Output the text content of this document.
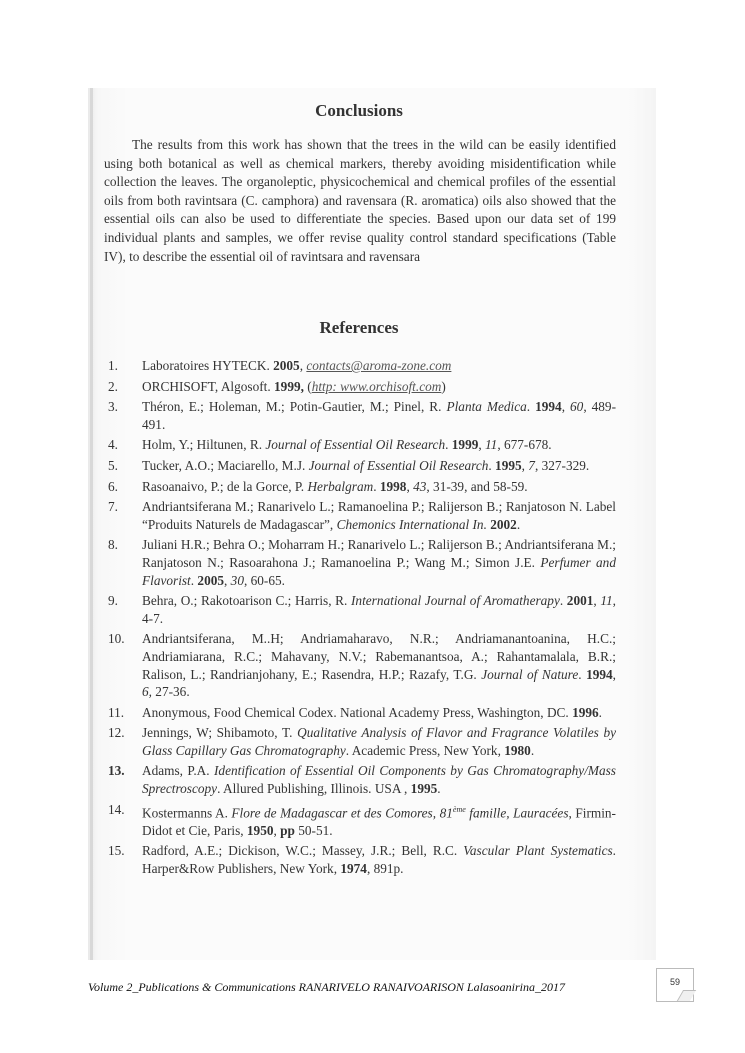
Conclusions
The results from this work has shown that the trees in the wild can be easily identified using both botanical as well as chemical markers, thereby avoiding misidentification while collection the leaves. The organoleptic, physicochemical and chemical profiles of the essential oils from both ravintsara (C. camphora) and ravensara (R. aromatica) oils also showed that the essential oils can also be used to differentiate the species. Based upon our data set of 199 individual plants and samples, we offer revise quality control standard specifications (Table IV), to describe the essential oil of ravintsara and ravensara
References
1.	Laboratoires HYTECK. 2005, contacts@aroma-zone.com
2.	ORCHISOFT, Algosoft. 1999, (http: www.orchisoft.com)
3.	Théron, E.; Holeman, M.; Potin-Gautier, M.; Pinel, R. Planta Medica. 1994, 60, 489-491.
4.	Holm, Y.; Hiltunen, R. Journal of Essential Oil Research. 1999, 11, 677-678.
5.	Tucker, A.O.; Maciarello, M.J. Journal of Essential Oil Research. 1995, 7, 327-329.
6.	Rasoanaivo, P.; de la Gorce, P. Herbalgram. 1998, 43, 31-39, and 58-59.
7.	Andriantsiferana M.; Ranarivelo L.; Ramanoelina P.; Ralijerson B.; Ranjatoson N. Label “Produits Naturels de Madagascar”, Chemonics International In. 2002.
8.	Juliani H.R.; Behra O.; Moharram H.; Ranarivelo L.; Ralijerson B.; Andriantsiferana M.; Ranjatoson N.; Rasoarahona J.; Ramanoelina P.; Wang M.; Simon J.E. Perfumer and Flavorist. 2005, 30, 60-65.
9.	Behra, O.; Rakotoarison C.; Harris, R. International Journal of Aromatherapy. 2001, 11, 4-7.
10.	Andriantsiferana, M..H; Andriamaharavo, N.R.; Andriamanantoanina, H.C.; Andriamiarana, R.C.; Mahavany, N.V.; Rabemanantsoa, A.; Rahantamalala, B.R.; Ralison, L.; Randrianjohany, E.; Rasendra, H.P.; Razafy, T.G. Journal of Nature. 1994, 6, 27-36.
11.	Anonymous, Food Chemical Codex. National Academy Press, Washington, DC. 1996.
12.	Jennings, W; Shibamoto, T. Qualitative Analysis of Flavor and Fragrance Volatiles by Glass Capillary Gas Chromatography. Academic Press, New York, 1980.
13.	Adams, P.A. Identification of Essential Oil Components by Gas Chromatography/Mass Sprectroscopy. Allured Publishing, Illinois. USA , 1995.
14.	Kostermanns A. Flore de Madagascar et des Comores, 81ème famille, Lauracées, Firmin- Didot et Cie, Paris, 1950, pp 50-51.
15.	Radford, A.E.; Dickison, W.C.; Massey, J.R.; Bell, R.C. Vascular Plant Systematics. Harper&Row Publishers, New York, 1974, 891p.
Volume 2_Publications & Communications RANARIVELO RANAIVOARISON Lalasoanirina_2017	59
